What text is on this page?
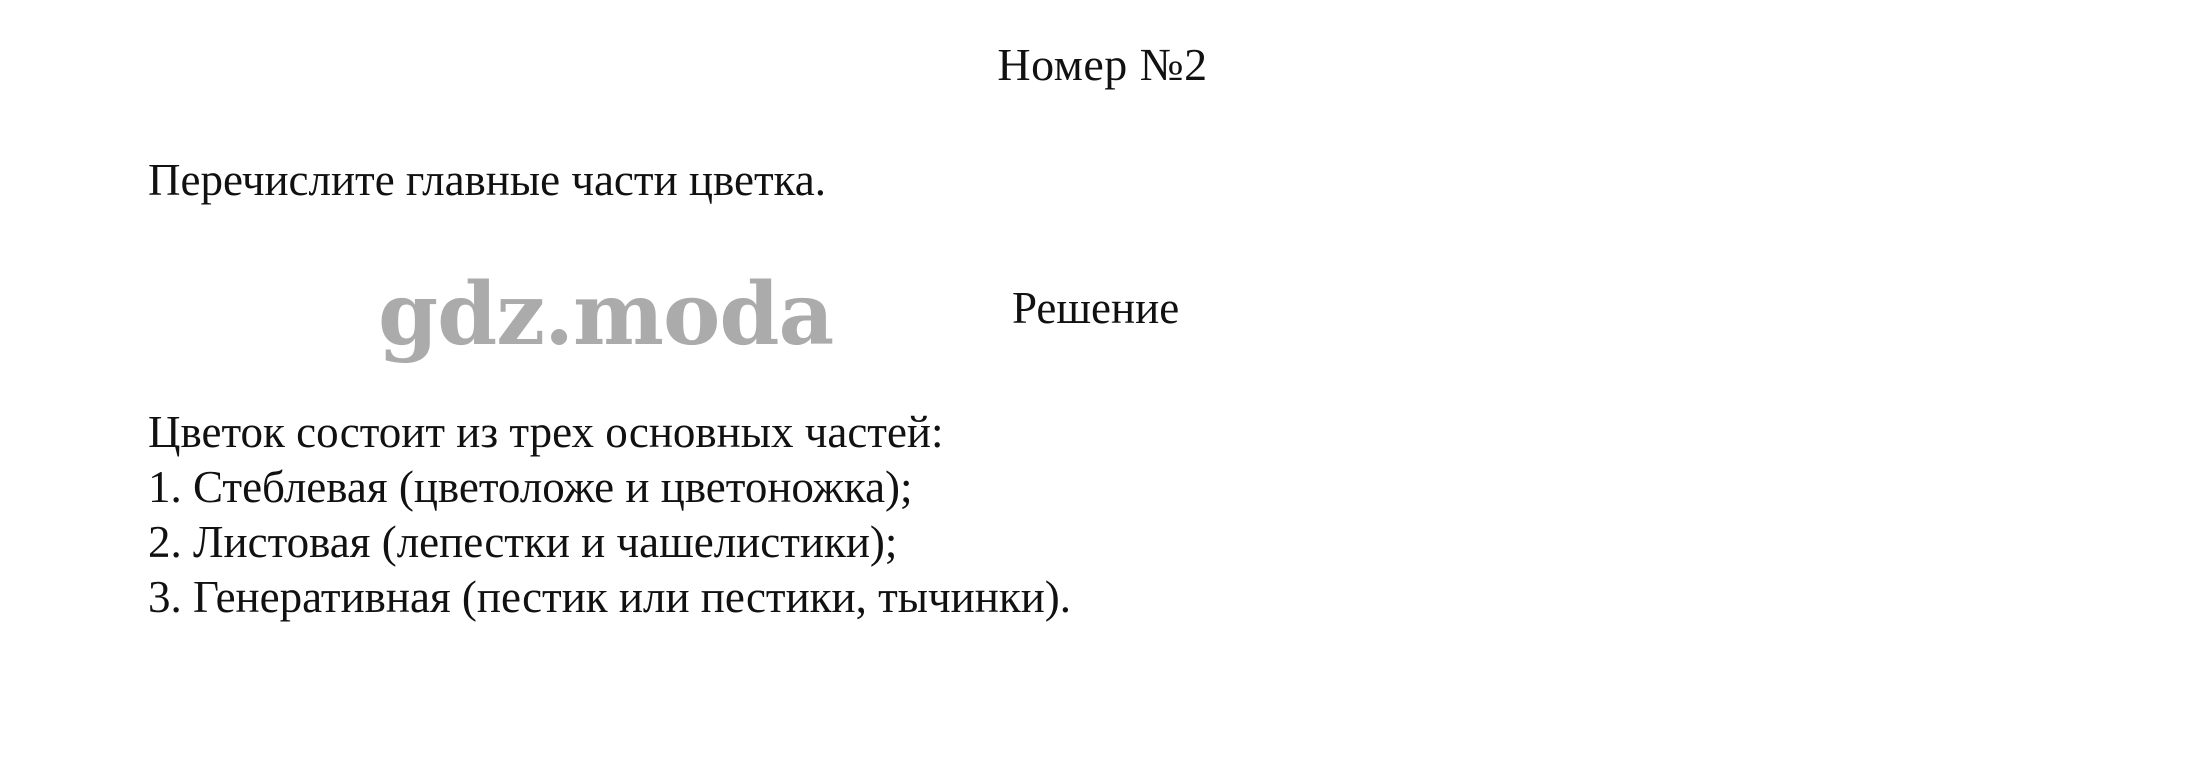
Номер №2
Перечислите главные части цветка.
gdz.moda	Решение
Цветок состоит из трех основных частей:
1. Стеблевая (цветоложе и цветоножка);
2. Листовая (лепестки и чашелистики);
3. Генеративная (пестик или пестики, тычинки).
